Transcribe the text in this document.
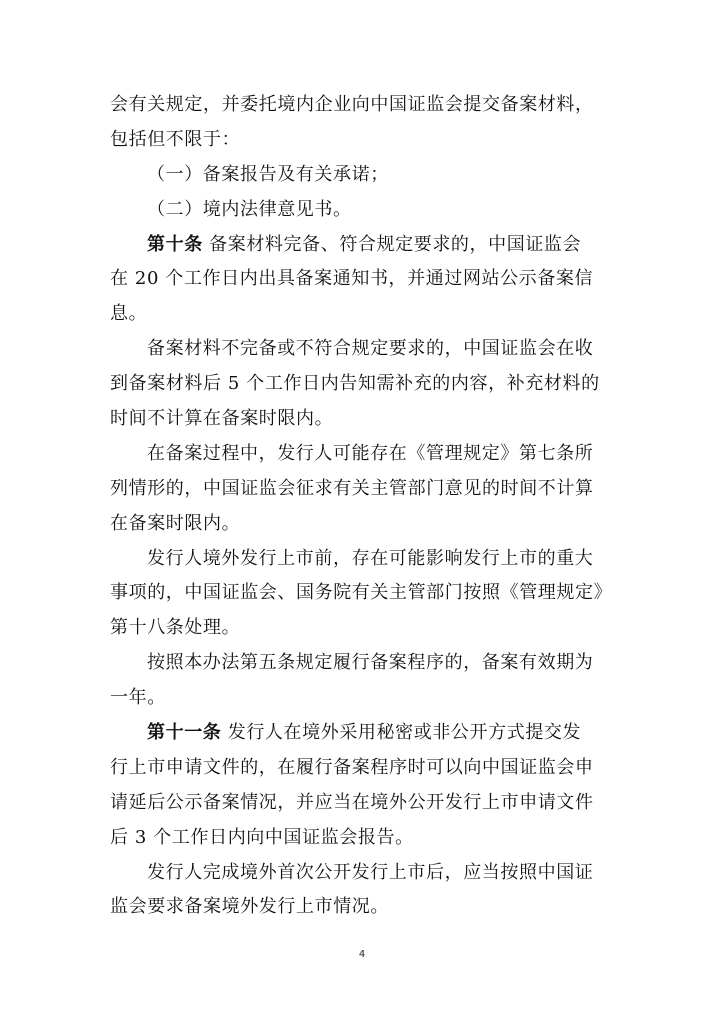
会有关规定，并委托境内企业向中国证监会提交备案材料，
包括但不限于：
（一）备案报告及有关承诺；
（二）境内法律意见书。
第十条 备案材料完备、符合规定要求的，中国证监会
在 20 个工作日内出具备案通知书，并通过网站公示备案信
息。
备案材料不完备或不符合规定要求的，中国证监会在收
到备案材料后 5 个工作日内告知需补充的内容，补充材料的
时间不计算在备案时限内。
在备案过程中，发行人可能存在《管理规定》第七条所
列情形的，中国证监会征求有关主管部门意见的时间不计算
在备案时限内。
发行人境外发行上市前，存在可能影响发行上市的重大
事项的，中国证监会、国务院有关主管部门按照《管理规定》
第十八条处理。
按照本办法第五条规定履行备案程序的，备案有效期为
一年。
第十一条 发行人在境外采用秘密或非公开方式提交发
行上市申请文件的，在履行备案程序时可以向中国证监会申
请延后公示备案情况，并应当在境外公开发行上市申请文件
后 3 个工作日内向中国证监会报告。
发行人完成境外首次公开发行上市后，应当按照中国证
监会要求备案境外发行上市情况。
4
